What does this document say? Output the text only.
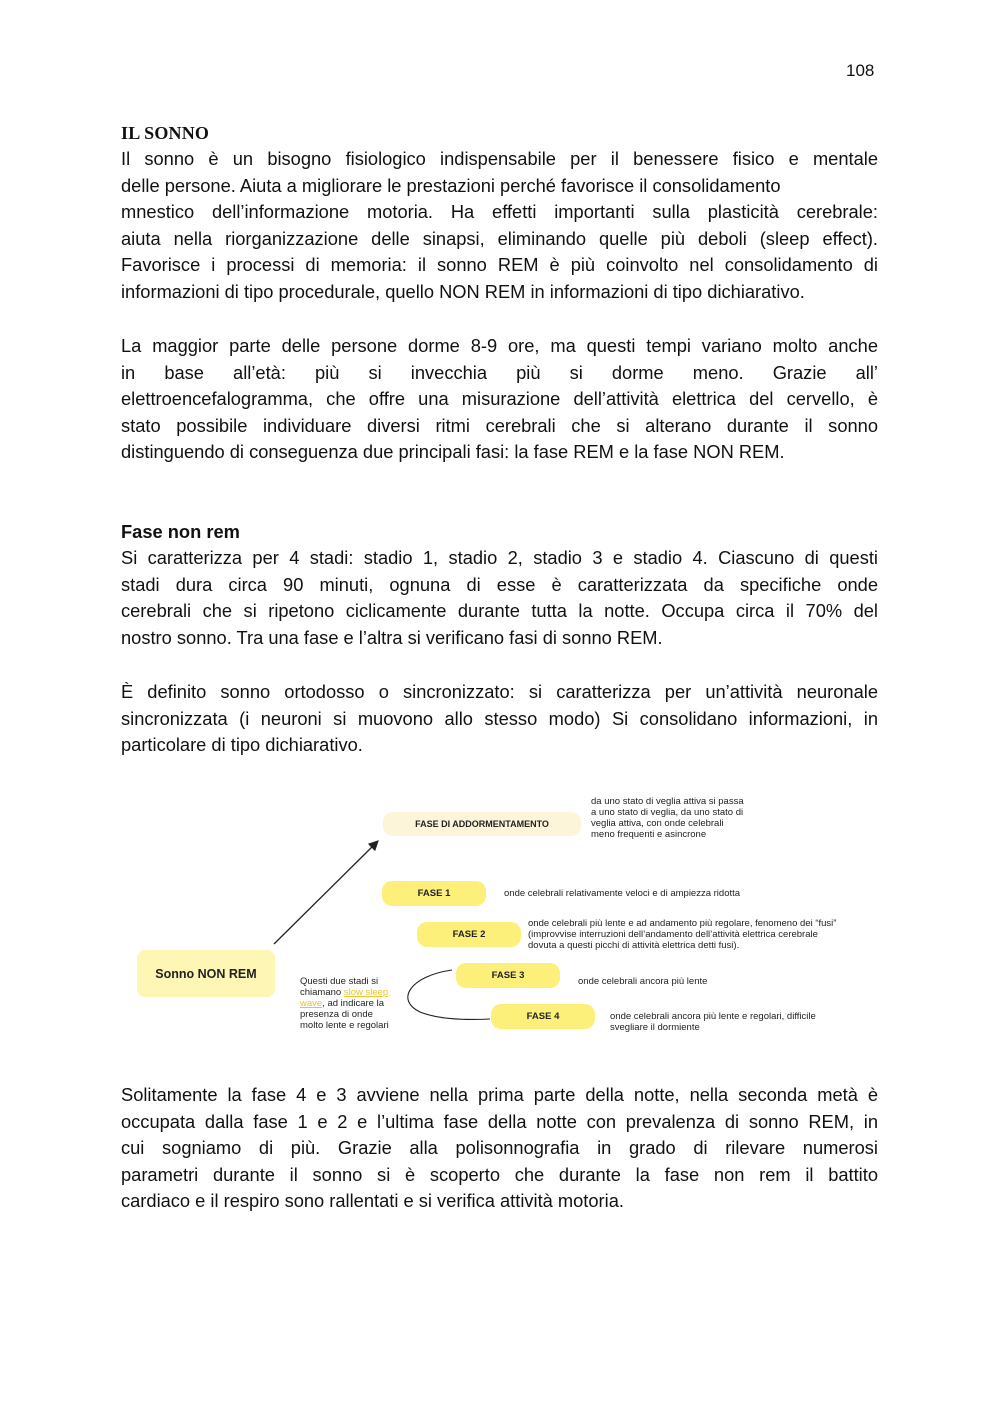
108
IL SONNO

Il sonno è un bisogno fisiologico indispensabile per il benessere fisico e mentale
delle persone. Aiuta a migliorare le prestazioni perché favorisce il consolidamento
mnestico dell’informazione motoria. Ha effetti importanti sulla plasticità cerebrale:
aiuta nella riorganizzazione delle sinapsi, eliminando quelle più deboli (sleep effect).
Favorisce i processi di memoria: il sonno REM è più coinvolto nel consolidamento di
informazioni di tipo procedurale, quello NON REM in informazioni di tipo dichiarativo.

La maggior parte delle persone dorme 8-9 ore, ma questi tempi variano molto anche
in base all’età: più si invecchia più si dorme meno. Grazie all’
elettroencefalogramma, che offre una misurazione dell’attività elettrica del cervello, è
stato possibile individuare diversi ritmi cerebrali che si alterano durante il sonno
distinguendo di conseguenza due principali fasi: la fase REM e la fase NON REM.

Fase non rem

Si caratterizza per 4 stadi: stadio 1, stadio 2, stadio 3 e stadio 4. Ciascuno di questi
stadi dura circa 90 minuti, ognuna di esse è caratterizzata da specifiche onde
cerebrali che si ripetono ciclicamente durante tutta la notte. Occupa circa il 70% del
nostro sonno. Tra una fase e l’altra si verificano fasi di sonno REM.

È definito sonno ortodosso o sincronizzato: si caratterizza per un’attività neuronale
sincronizzata (i neuroni si muovono allo stesso modo) Si consolidano informazioni, in
particolare di tipo dichiarativo.

Sonno NON REM
FASE DI ADDORMENTAMENTO

da uno stato di veglia attiva si passa
a uno stato di veglia, da uno stato di
veglia attiva, con onde celebrali
meno frequenti e asincrone

FASE 1	onde celebrali relativamente veloci e di ampiezza ridotta

FASE 2

onde celebrali più lente e ad andamento più regolare, fenomeno dei “fusi”
(improvvise interruzioni dell’andamento dell’attività elettrica cerebrale
dovuta a questi picchi di attività elettrica detti fusi).

FASE 3

onde celebrali ancora più lente

FASE 4	onde celebrali ancora più lente e regolari, difficile
svegliare il dormiente

Questi due stadi si
chiamano slow sleep
wave, ad indicare la
presenza di onde
molto lente e regolari

Solitamente la fase 4 e 3 avviene nella prima parte della notte, nella seconda metà è
occupata dalla fase 1 e 2 e l’ultima fase della notte con prevalenza di sonno REM, in
cui sogniamo di più. Grazie alla polisonnografia in grado di rilevare numerosi
parametri durante il sonno si è scoperto che durante la fase non rem il battito
cardiaco e il respiro sono rallentati e si verifica attività motoria.
